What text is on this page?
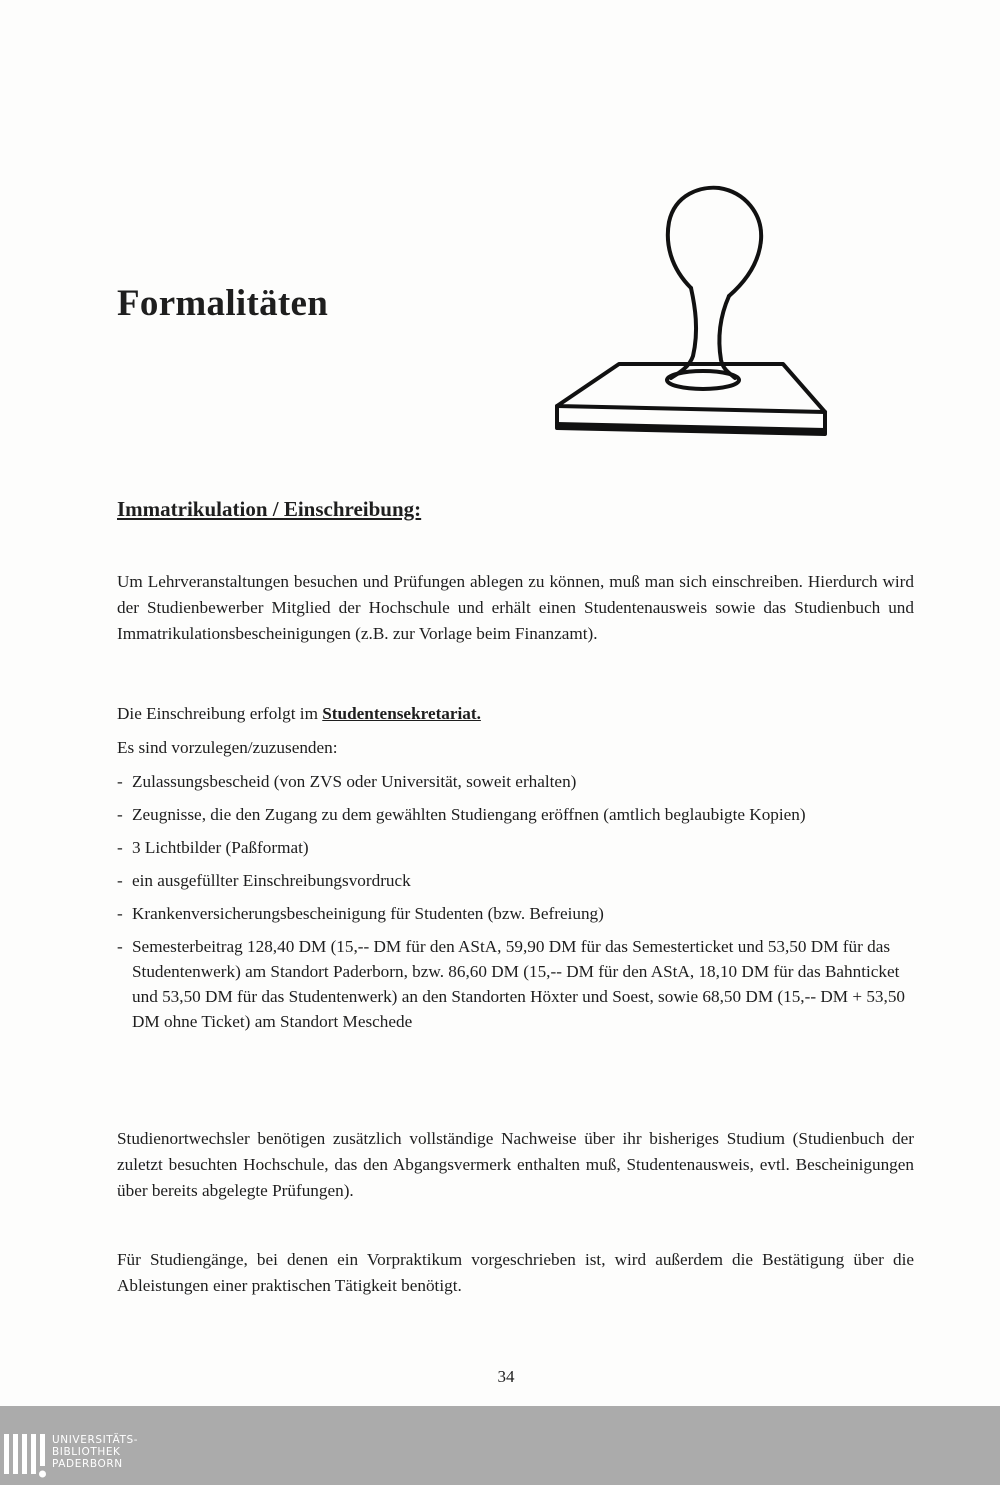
Formalitäten
Immatrikulation / Einschreibung:

Um Lehrveranstaltungen besuchen und Prüfungen ablegen zu können, muß man sich einschreiben. Hierdurch wird der Studienbewerber Mitglied der Hochschule und erhält einen Studentenausweis sowie das Studienbuch und Immatrikulationsbescheinigungen (z.B. zur Vorlage beim Finanzamt).

Die Einschreibung erfolgt im Studentensekretariat.

Es sind vorzulegen/zuzusenden:

- Zulassungsbescheid (von ZVS oder Universität, soweit erhalten)
- Zeugnisse, die den Zugang zu dem gewählten Studiengang eröffnen (amtlich beglaubigte Kopien)
- 3 Lichtbilder (Paßformat)
- ein ausgefüllter Einschreibungsvordruck
- Krankenversicherungsbescheinigung für Studenten (bzw. Befreiung)
- Semesterbeitrag 128,40 DM (15,-- DM für den AStA, 59,90 DM für das Semesterticket und 53,50 DM für das Studentenwerk) am Standort Paderborn, bzw. 86,60 DM (15,-- DM für den AStA, 18,10 DM für das Bahnticket und 53,50 DM für das Studentenwerk) an den Standorten Höxter und Soest, sowie 68,50 DM (15,-- DM + 53,50 DM ohne Ticket) am Standort Meschede

Studienortwechsler benötigen zusätzlich vollständige Nachweise über ihr bisheriges Studium (Studienbuch der zuletzt besuchten Hochschule, das den Abgangsvermerk enthalten muß, Studentenausweis, evtl. Bescheinigungen über bereits abgelegte Prüfungen).

Für Studiengänge, bei denen ein Vorpraktikum vorgeschrieben ist, wird außerdem die Bestätigung über die Ableistungen einer praktischen Tätigkeit benötigt.

34
UNIVERSITÄTS-
BIBLIOTHEK
PADERBORN
